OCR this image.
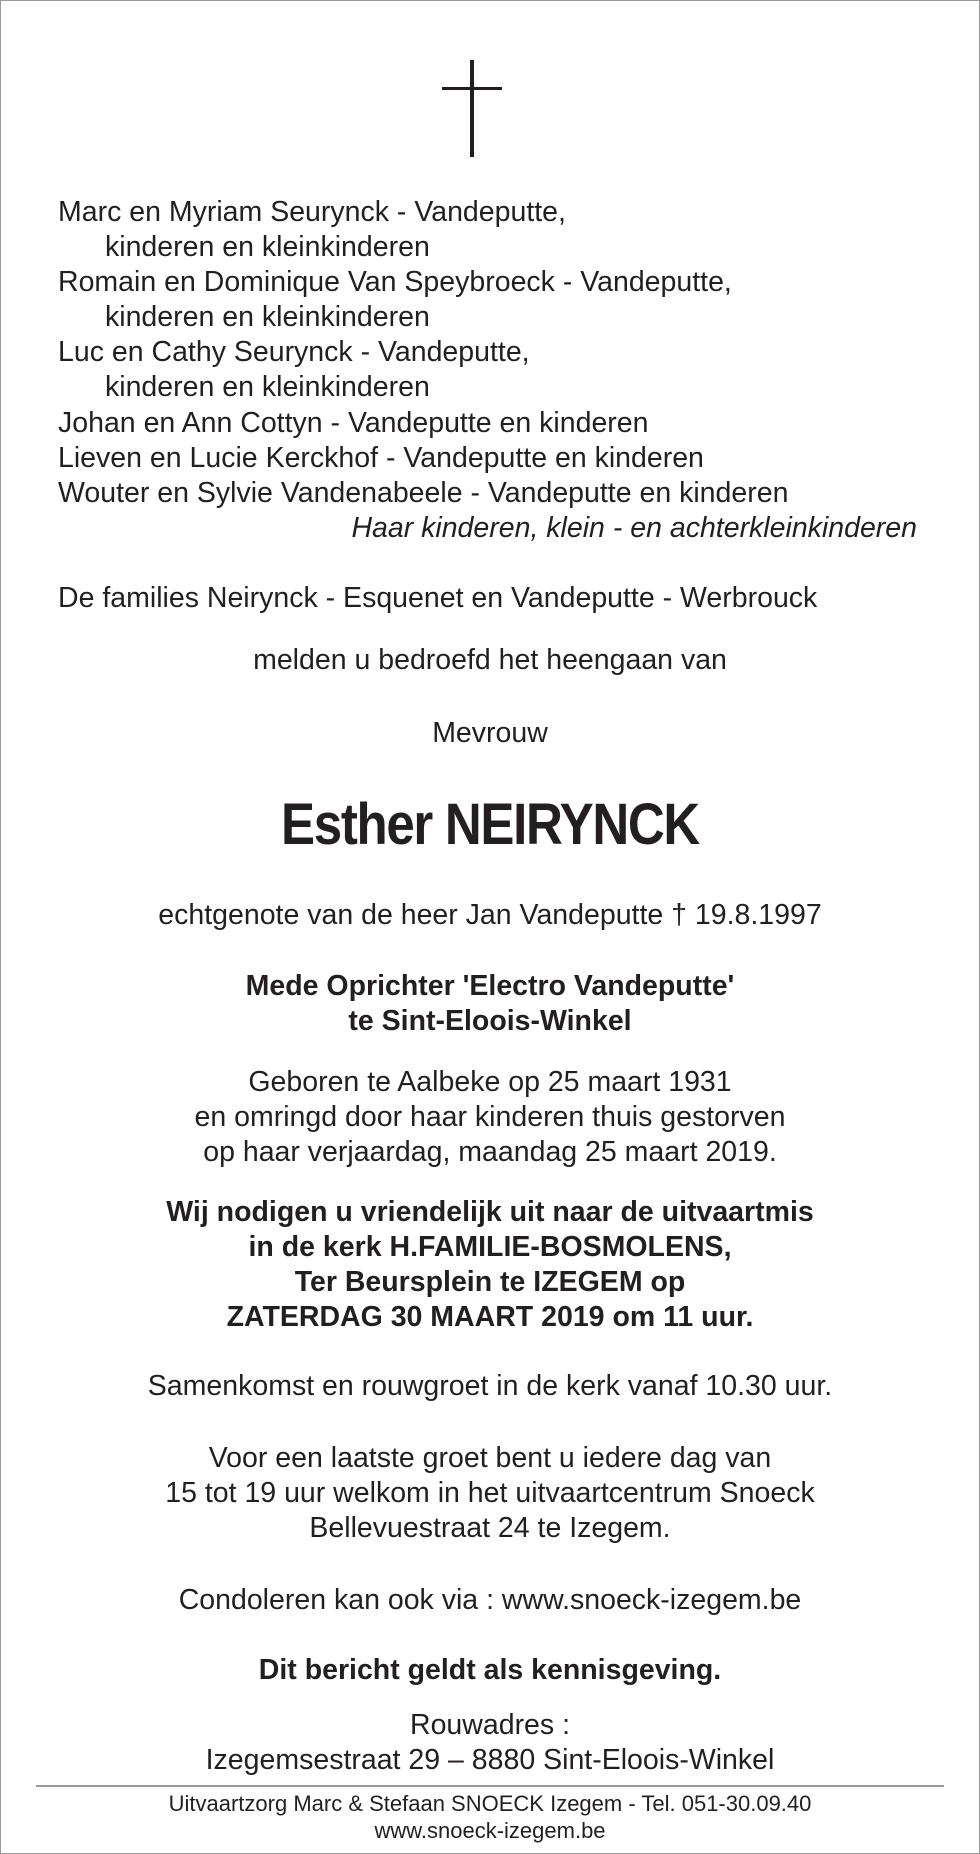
Marc en Myriam Seurynck - Vandeputte,
kinderen en kleinkinderen
Romain en Dominique Van Speybroeck - Vandeputte,
kinderen en kleinkinderen
Luc en Cathy Seurynck - Vandeputte,
kinderen en kleinkinderen
Johan en Ann Cottyn - Vandeputte en kinderen
Lieven en Lucie Kerckhof - Vandeputte en kinderen
Wouter en Sylvie Vandenabeele - Vandeputte en kinderen
Haar kinderen, klein - en achterkleinkinderen
De families Neirynck - Esquenet en Vandeputte - Werbrouck
melden u bedroefd het heengaan van
Mevrouw
Esther NEIRYNCK
echtgenote van de heer Jan Vandeputte † 19.8.1997
Mede Oprichter 'Electro Vandeputte'
te Sint-Eloois-Winkel
Geboren te Aalbeke op 25 maart 1931
en omringd door haar kinderen thuis gestorven
op haar verjaardag, maandag 25 maart 2019.
Wij nodigen u vriendelijk uit naar de uitvaartmis
in de kerk H.FAMILIE-BOSMOLENS,
Ter Beursplein te IZEGEM op
ZATERDAG 30 MAART 2019 om 11 uur.
Samenkomst en rouwgroet in de kerk vanaf 10.30 uur.
Voor een laatste groet bent u iedere dag van
15 tot 19 uur welkom in het uitvaartcentrum Snoeck
Bellevuestraat 24 te Izegem.
Condoleren kan ook via : www.snoeck-izegem.be
Dit bericht geldt als kennisgeving.
Rouwadres :
Izegemsestraat 29 – 8880 Sint-Eloois-Winkel
Uitvaartzorg Marc & Stefaan SNOECK Izegem - Tel. 051-30.09.40
www.snoeck-izegem.be
